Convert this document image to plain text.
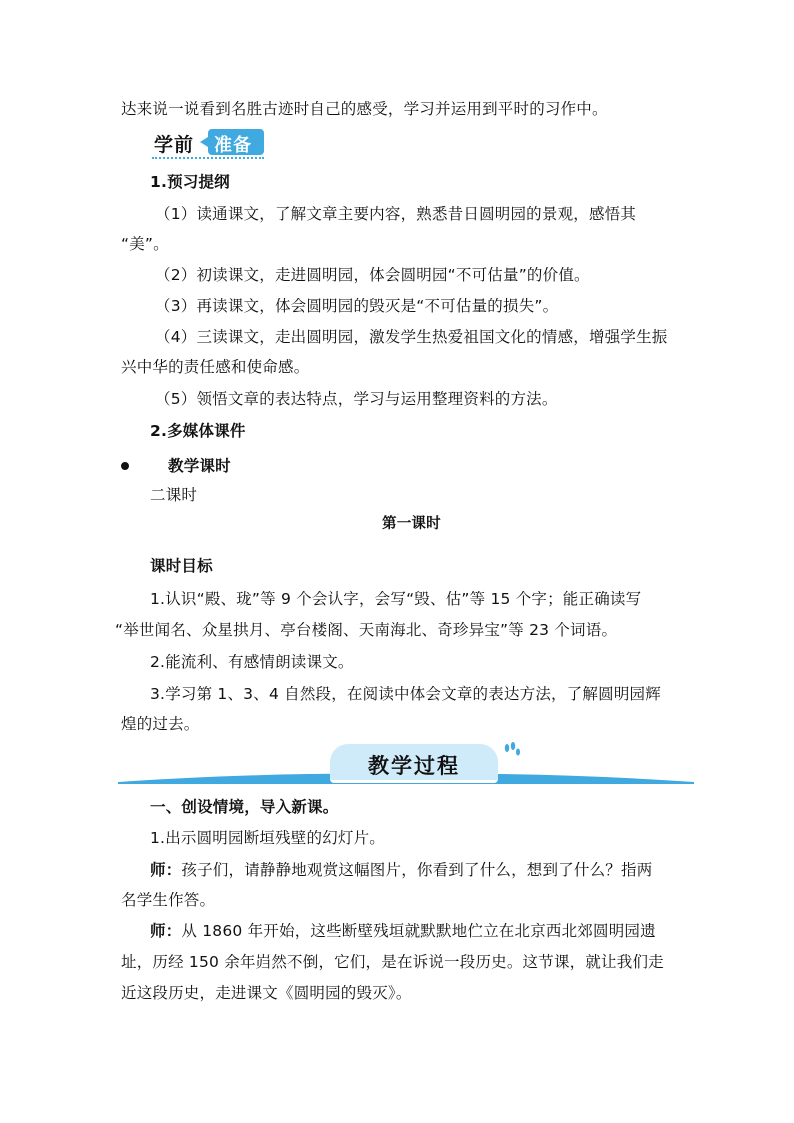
达来说一说看到名胜古迹时自己的感受，学习并运用到平时的习作中。
学前 准备
1.预习提纲
（1）读通课文，了解文章主要内容，熟悉昔日圆明园的景观，感悟其
“美”。
（2）初读课文，走进圆明园，体会圆明园“不可估量”的价值。
（3）再读课文，体会圆明园的毁灭是“不可估量的损失”。
（4）三读课文，走出圆明园，激发学生热爱祖国文化的情感，增强学生振
兴中华的责任感和使命感。
（5）领悟文章的表达特点，学习与运用整理资料的方法。
2.多媒体课件
教学课时
二课时
第一课时
课时目标
1.认识“殿、珑”等 9 个会认字，会写“毁、估”等 15 个字；能正确读写
“举世闻名、众星拱月、亭台楼阁、天南海北、奇珍异宝”等 23 个词语。
2.能流利、有感情朗读课文。
3.学习第 1、3、4 自然段，在阅读中体会文章的表达方法，了解圆明园辉
煌的过去。
教学过程
一、创设情境，导入新课。
1.出示圆明园断垣残壁的幻灯片。
师：孩子们，请静静地观赏这幅图片，你看到了什么，想到了什么？指两
名学生作答。
师：从 1860 年开始，这些断壁残垣就默默地伫立在北京西北郊圆明园遗
址，历经 150 余年岿然不倒，它们，是在诉说一段历史。这节课，就让我们走
近这段历史，走进课文《圆明园的毁灭》。
